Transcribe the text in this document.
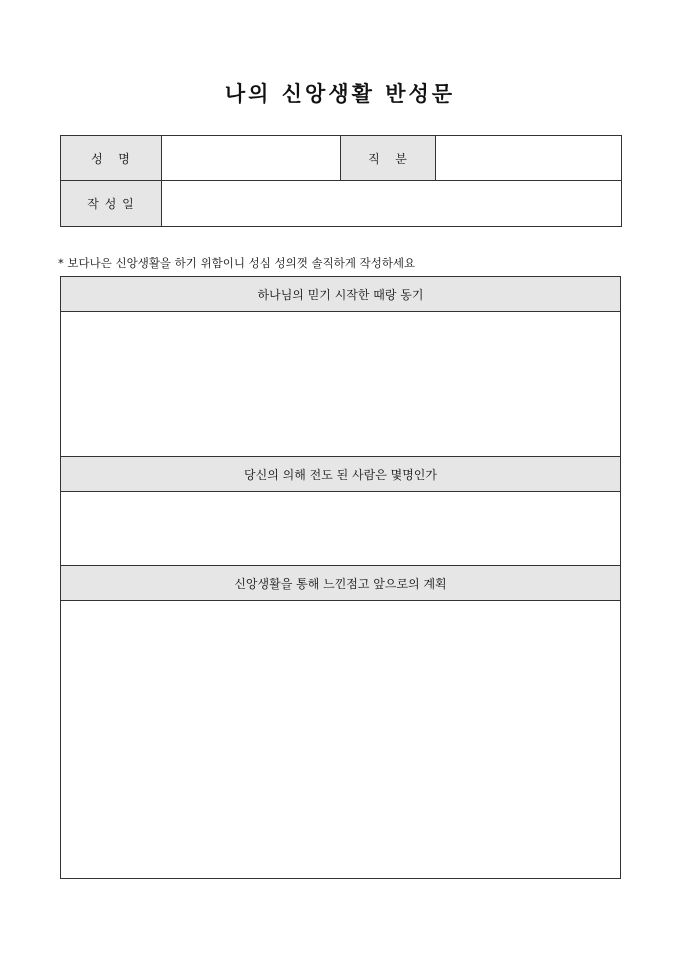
나의 신앙생활 반성문
성   명		직   분	
작 성 일			
* 보다나은 신앙생활을 하기 위함이니 성심 성의껏 솔직하게 작성하세요
하나님의 믿기 시작한 때랑 동기
당신의 의해 전도 된 사람은 몇명인가
신앙생활을 통해 느낀점고 앞으로의 계획
